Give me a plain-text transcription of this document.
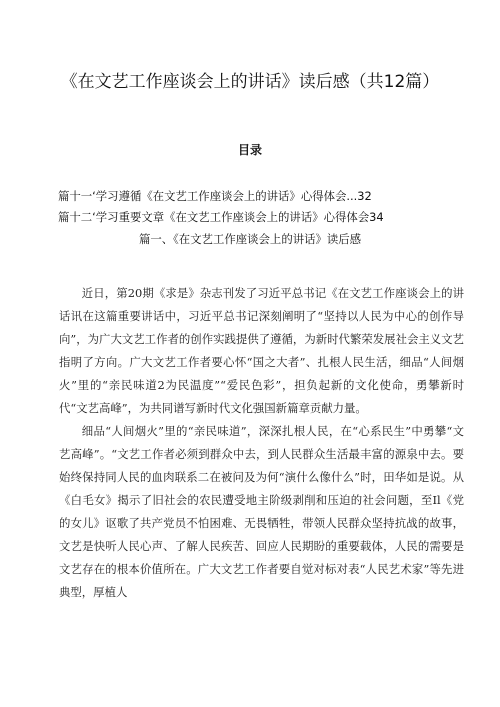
《在文艺工作座谈会上的讲话》读后感（共12篇）
目录
篇十一‘学习遵循《在文艺工作座谈会上的讲话》心得体会...32
篇十二‘学习重要文章《在文艺工作座谈会上的讲话》心得体会34
篇一、《在文艺工作座谈会上的讲话》读后感

近日，第20期《求是》杂志刊发了习近平总书记《在文艺工作座谈会上的讲话讯在这篇重要讲话中，习近平总书记深刻阐明了“坚持以人民为中心的创作导向”，为广大文艺工作者的创作实践提供了遵循，为新时代繁荣发展社会主义文艺指明了方向。广大文艺工作者要心怀“国之大者”、扎根人民生活，细品“人间烟火”里的“亲民味道2为民温度”“爱民色彩”，担负起新的文化使命，勇攀新时代“文艺高峰”，为共同谱写新时代文化强国新篇章贡献力量。

细品“人间烟火”里的“亲民味道”，深深扎根人民，在“心系民生”中勇攀“文艺高峰”。“文艺工作者必须到群众中去，到人民群众生活最丰富的源泉中去。要始终保持同人民的血肉联系二在被问及为何“演什么像什么”时，田华如是说。从《白毛女》揭示了旧社会的农民遭受地主阶级剥削和压迫的社会问题，至Il《党的女儿》讴歌了共产党员不怕困难、无畏牺牲，带领人民群众坚持抗战的故事，文艺是快听人民心声、了解人民疾苦、回应人民期盼的重要载体，人民的需要是文艺存在的根本价值所在。广大文艺工作者要自觉对标对表“人民艺术家”等先进典型，厚植人
